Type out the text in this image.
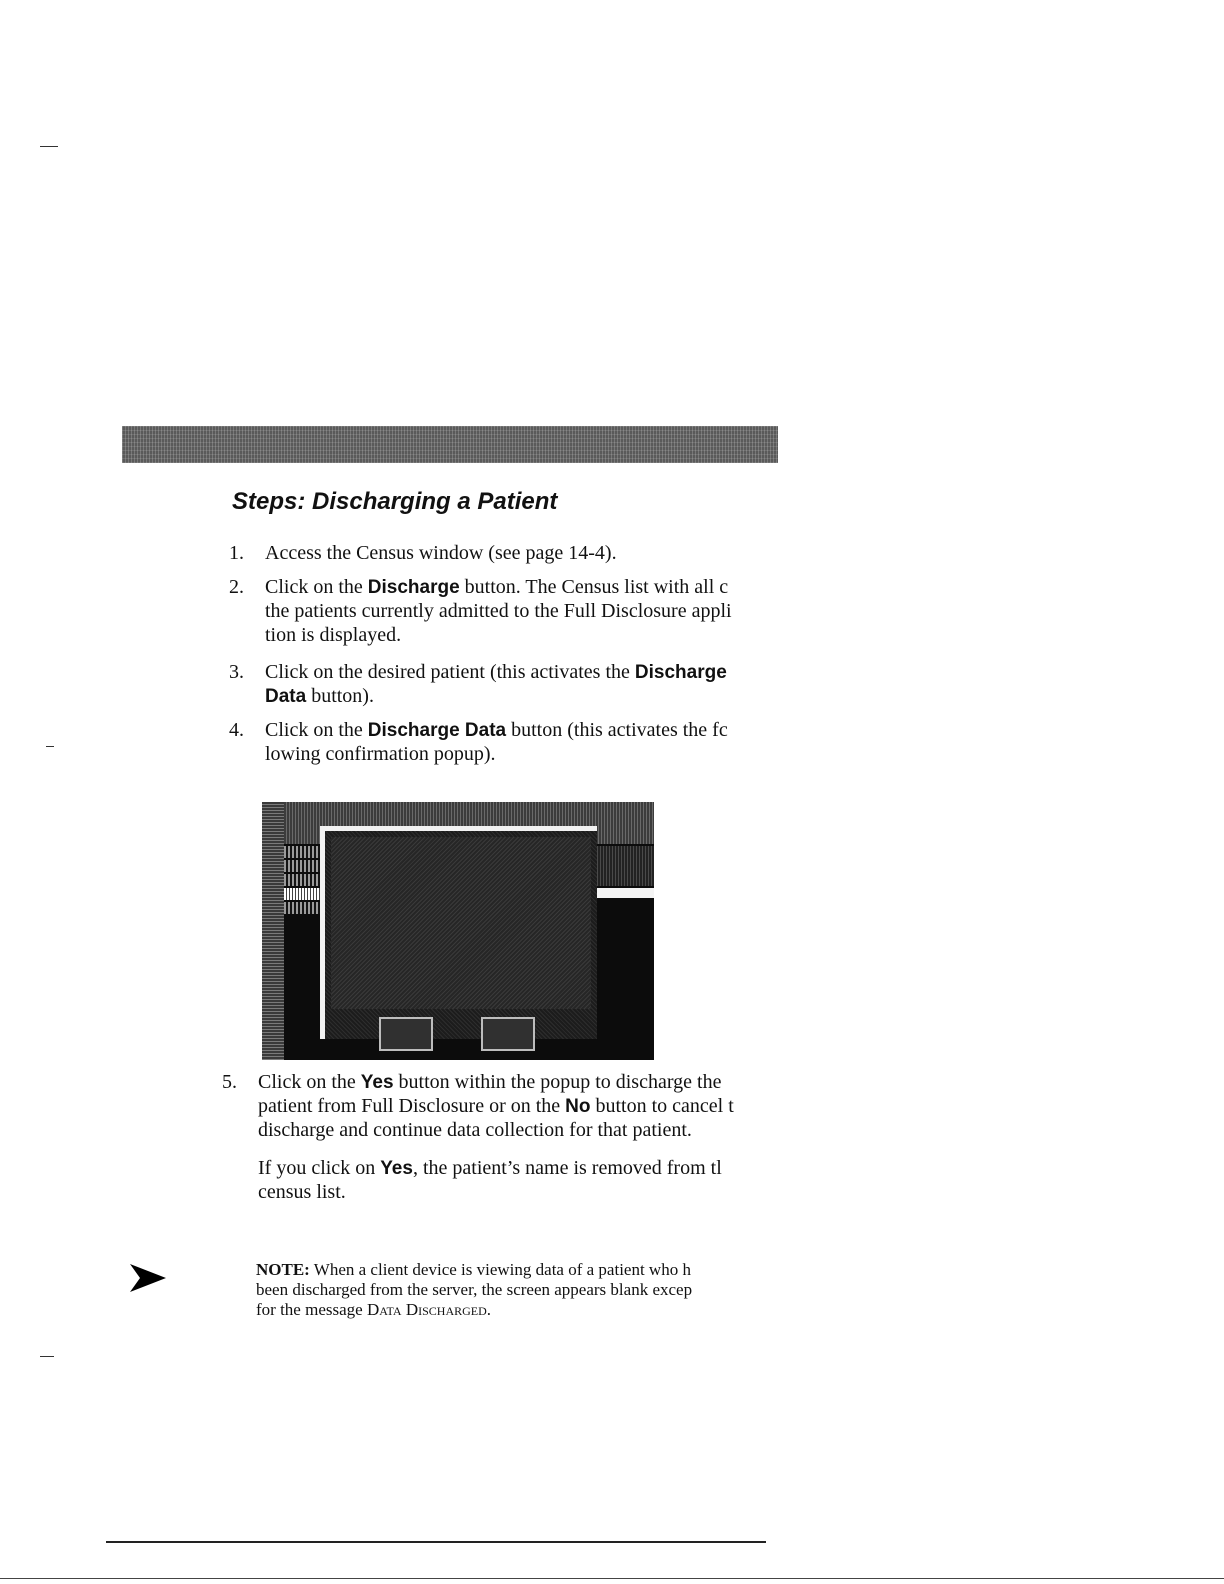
Steps: Discharging a Patient
1. Access the Census window (see page 14-4).
2. Click on the Discharge button. The Census list with all c
the patients currently admitted to the Full Disclosure appli
tion is displayed.
3. Click on the desired patient (this activates the Discharge
Data button).
4. Click on the Discharge Data button (this activates the fc
lowing confirmation popup).
5. Click on the Yes button within the popup to discharge the
patient from Full Disclosure or on the No button to cancel t
discharge and continue data collection for that patient.
If you click on Yes, the patient’s name is removed from tl
census list.
NOTE: When a client device is viewing data of a patient who h
been discharged from the server, the screen appears blank excep
for the message Data Discharged.
